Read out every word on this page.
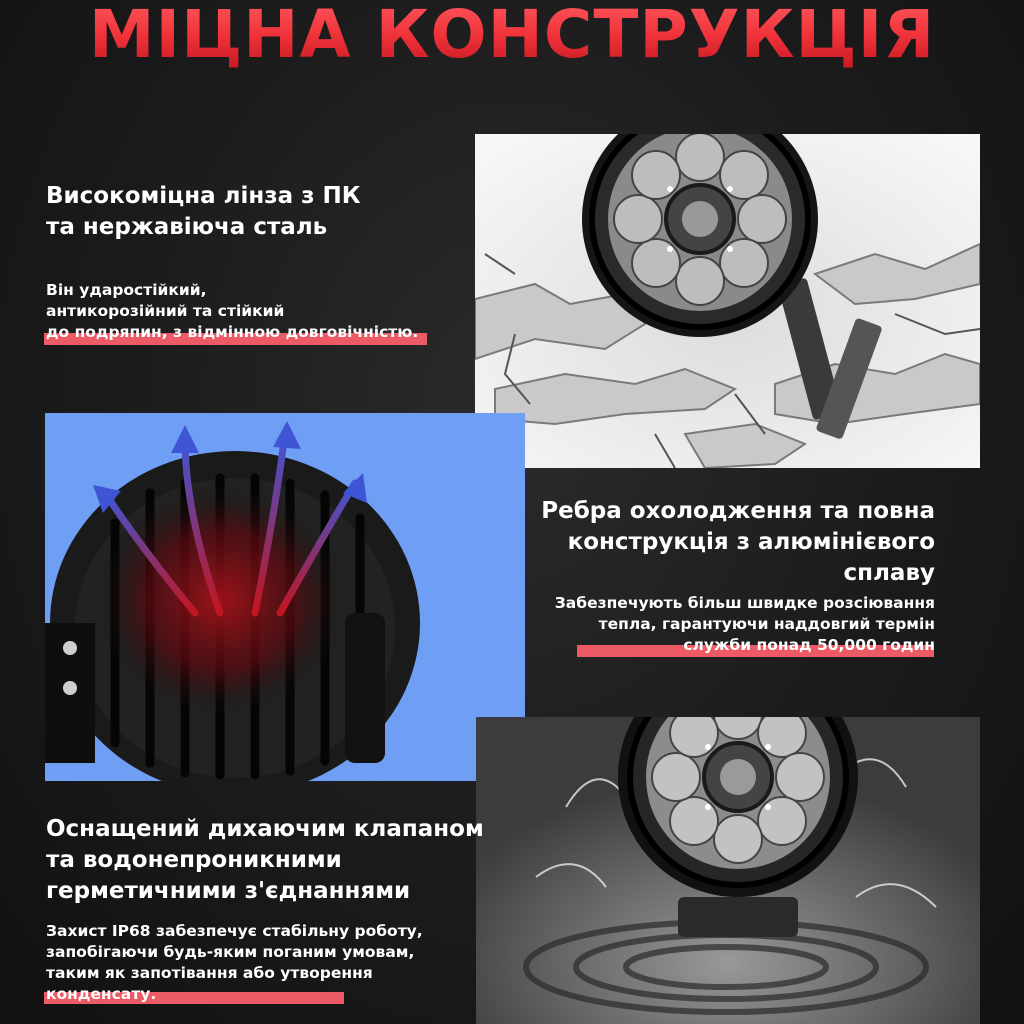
МІЦНА КОНСТРУКЦІЯ
Високоміцна лінза з ПК
та нержавіюча сталь
Він ударостійкий,
антикорозійний та стійкий
до подряпин, з відмінною довговічністю.
Ребра охолодження та повна
конструкція з алюмінієвого
сплаву
Забезпечують більш швидке розсіювання
тепла, гарантуючи наддовгий термін
служби понад 50,000 годин
Оснащений дихаючим клапаном
та водонепроникними
герметичними з'єднаннями
Захист IP68 забезпечує стабільну роботу,
запобігаючи будь-яким поганим умовам,
таким як запотівання або утворення
конденсату.
